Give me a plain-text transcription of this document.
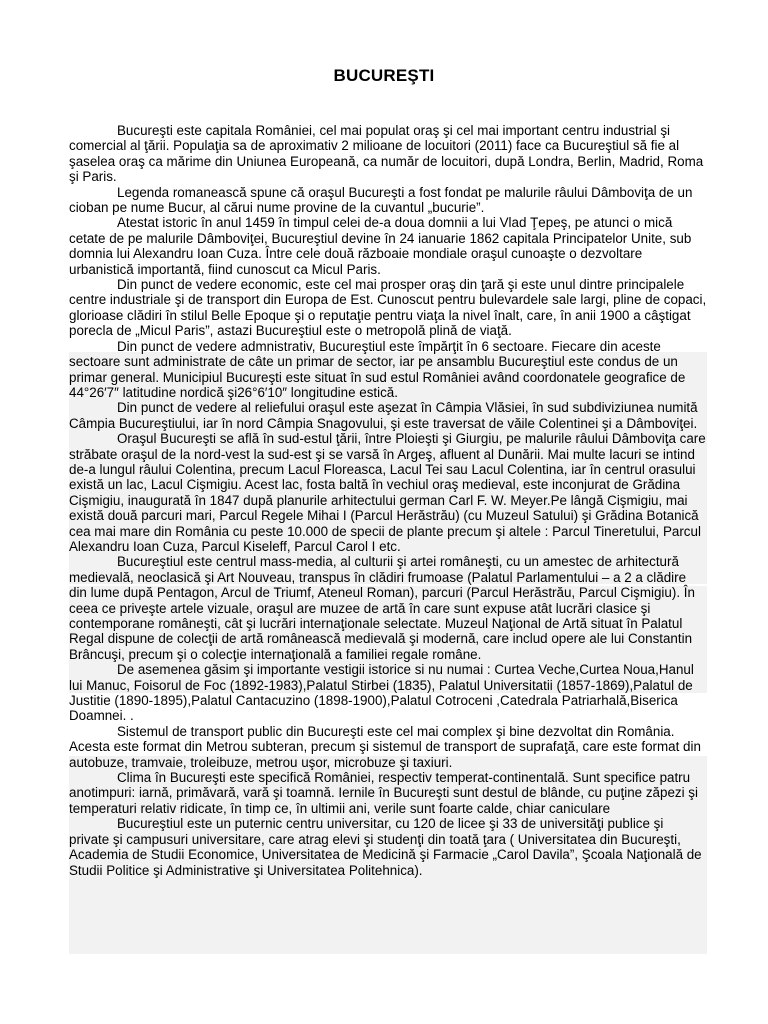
BUCUREŞTI

Bucureşti este capitala României, cel mai populat oraş şi cel mai important centru industrial şi comercial al ţării. Populaţia sa de aproximativ 2 milioane de locuitori (2011) face ca Bucureştiul să fie al şaselea oraş ca mărime din Uniunea Europeană, ca număr de locuitori, după Londra, Berlin, Madrid, Roma şi Paris.

Legenda romanească spune că oraşul Bucureşti a fost fondat pe malurile râului Dâmboviţa de un cioban pe nume Bucur, al cărui nume provine de la cuvantul „bucurie”.

Atestat istoric în anul 1459 în timpul celei de-a doua domnii a lui Vlad Ţepeş, pe atunci o mică cetate de pe malurile Dâmboviţei, Bucureştiul devine în 24 ianuarie 1862 capitala Principatelor Unite, sub domnia lui Alexandru Ioan Cuza. Între cele două războaie mondiale oraşul cunoaşte o dezvoltare urbanistică importantă, fiind cunoscut ca Micul Paris.

Din punct de vedere economic, este cel mai prosper oraş din ţară şi este unul dintre principalele centre industriale şi de transport din Europa de Est. Cunoscut pentru bulevardele sale largi, pline de copaci, glorioase clădiri în stilul Belle Epoque şi o reputaţie pentru viaţa la nivel înalt, care, în anii 1900 a câştigat porecla de „Micul Paris”, astazi Bucureştiul este o metropolă plină de viaţă.

Din punct de vedere admnistrativ, Bucureştiul este împărţit în 6 sectoare. Fiecare din aceste sectoare sunt administrate de câte un primar de sector, iar pe ansamblu Bucureştiul este condus de un primar general. Municipiul Bucureşti este situat în sud estul României având coordonatele geografice de 44°26′7″ latitudine nordică şi26°6′10″ longitudine estică.

Din punct de vedere al reliefului oraşul este aşezat în Câmpia Vlăsiei, în sud subdiviziunea numită Câmpia Bucureştiului, iar în nord Câmpia Snagovului, şi este traversat de văile Colentinei şi a Dâmboviţei.

Oraşul Bucureşti se află în sud-estul ţării, între Ploieşti şi Giurgiu, pe malurile râului Dâmboviţa care străbate oraşul de la nord-vest la sud-est şi se varsă în Argeş, afluent al Dunării. Mai multe lacuri se intind de-a lungul râului Colentina, precum Lacul Floreasca, Lacul Tei sau Lacul Colentina, iar în centrul orasului există un lac, Lacul Cişmigiu. Acest lac, fosta baltă în vechiul oraş medieval, este inconjurat de Grădina Cişmigiu, inaugurată în 1847 după planurile arhitectului german Carl F. W. Meyer.Pe lângă Cişmigiu, mai există două parcuri mari, Parcul Regele Mihai I (Parcul Herăstrău) (cu Muzeul Satului) şi Grădina Botanică cea mai mare din România cu peste 10.000 de specii de plante precum şi altele : Parcul Tineretului, Parcul Alexandru Ioan Cuza, Parcul Kiseleff, Parcul Carol I etc.

Bucureştiul este centrul mass-media, al culturii şi artei româneşti, cu un amestec de arhitectură medievală, neoclasică şi Art Nouveau, transpus în clădiri frumoase (Palatul Parlamentului – a 2 a clădire din lume după Pentagon, Arcul de Triumf, Ateneul Roman), parcuri (Parcul Herăstrău, Parcul Cişmigiu). În ceea ce priveşte artele vizuale, oraşul are muzee de artă în care sunt expuse atât lucrări clasice şi contemporane româneşti, cât şi lucrări internaţionale selectate. Muzeul Naţional de Artă situat în Palatul Regal dispune de colecţii de artă românească medievală şi modernă, care includ opere ale lui Constantin Brâncuşi, precum şi o colecţie internaţională a familiei regale române.

De asemenea găsim şi importante vestigii istorice si nu numai : Curtea Veche,Curtea Noua,Hanul lui Manuc, Foisorul de Foc (1892-1983),Palatul Stirbei (1835), Palatul Universitatii (1857-1869),Palatul de Justitie (1890-1895),Palatul Cantacuzino (1898-1900),Palatul Cotroceni ,Catedrala Patriarhală,Biserica Doamnei. .

Sistemul de transport public din Bucureşti este cel mai complex şi bine dezvoltat din România. Acesta este format din Metrou subteran, precum şi sistemul de transport de suprafaţă, care este format din autobuze, tramvaie, troleibuze, metrou uşor, microbuze şi taxiuri.

Clima în Bucureşti este specifică României, respectiv temperat-continentală. Sunt specifice patru anotimpuri: iarnă, primăvară, vară şi toamnă. Iernile în Bucureşti sunt destul de blânde, cu puţine zăpezi şi temperaturi relativ ridicate, în timp ce, în ultimii ani, verile sunt foarte calde, chiar caniculare

Bucureştiul este un puternic centru universitar, cu 120 de licee şi 33 de universităţi publice şi private şi campusuri universitare, care atrag elevi şi studenţi din toată ţara ( Universitatea din Bucureşti, Academia de Studii Economice, Universitatea de Medicină şi Farmacie „Carol Davila”, Şcoala Naţională de Studii Politice şi Administrative şi Universitatea Politehnica).
